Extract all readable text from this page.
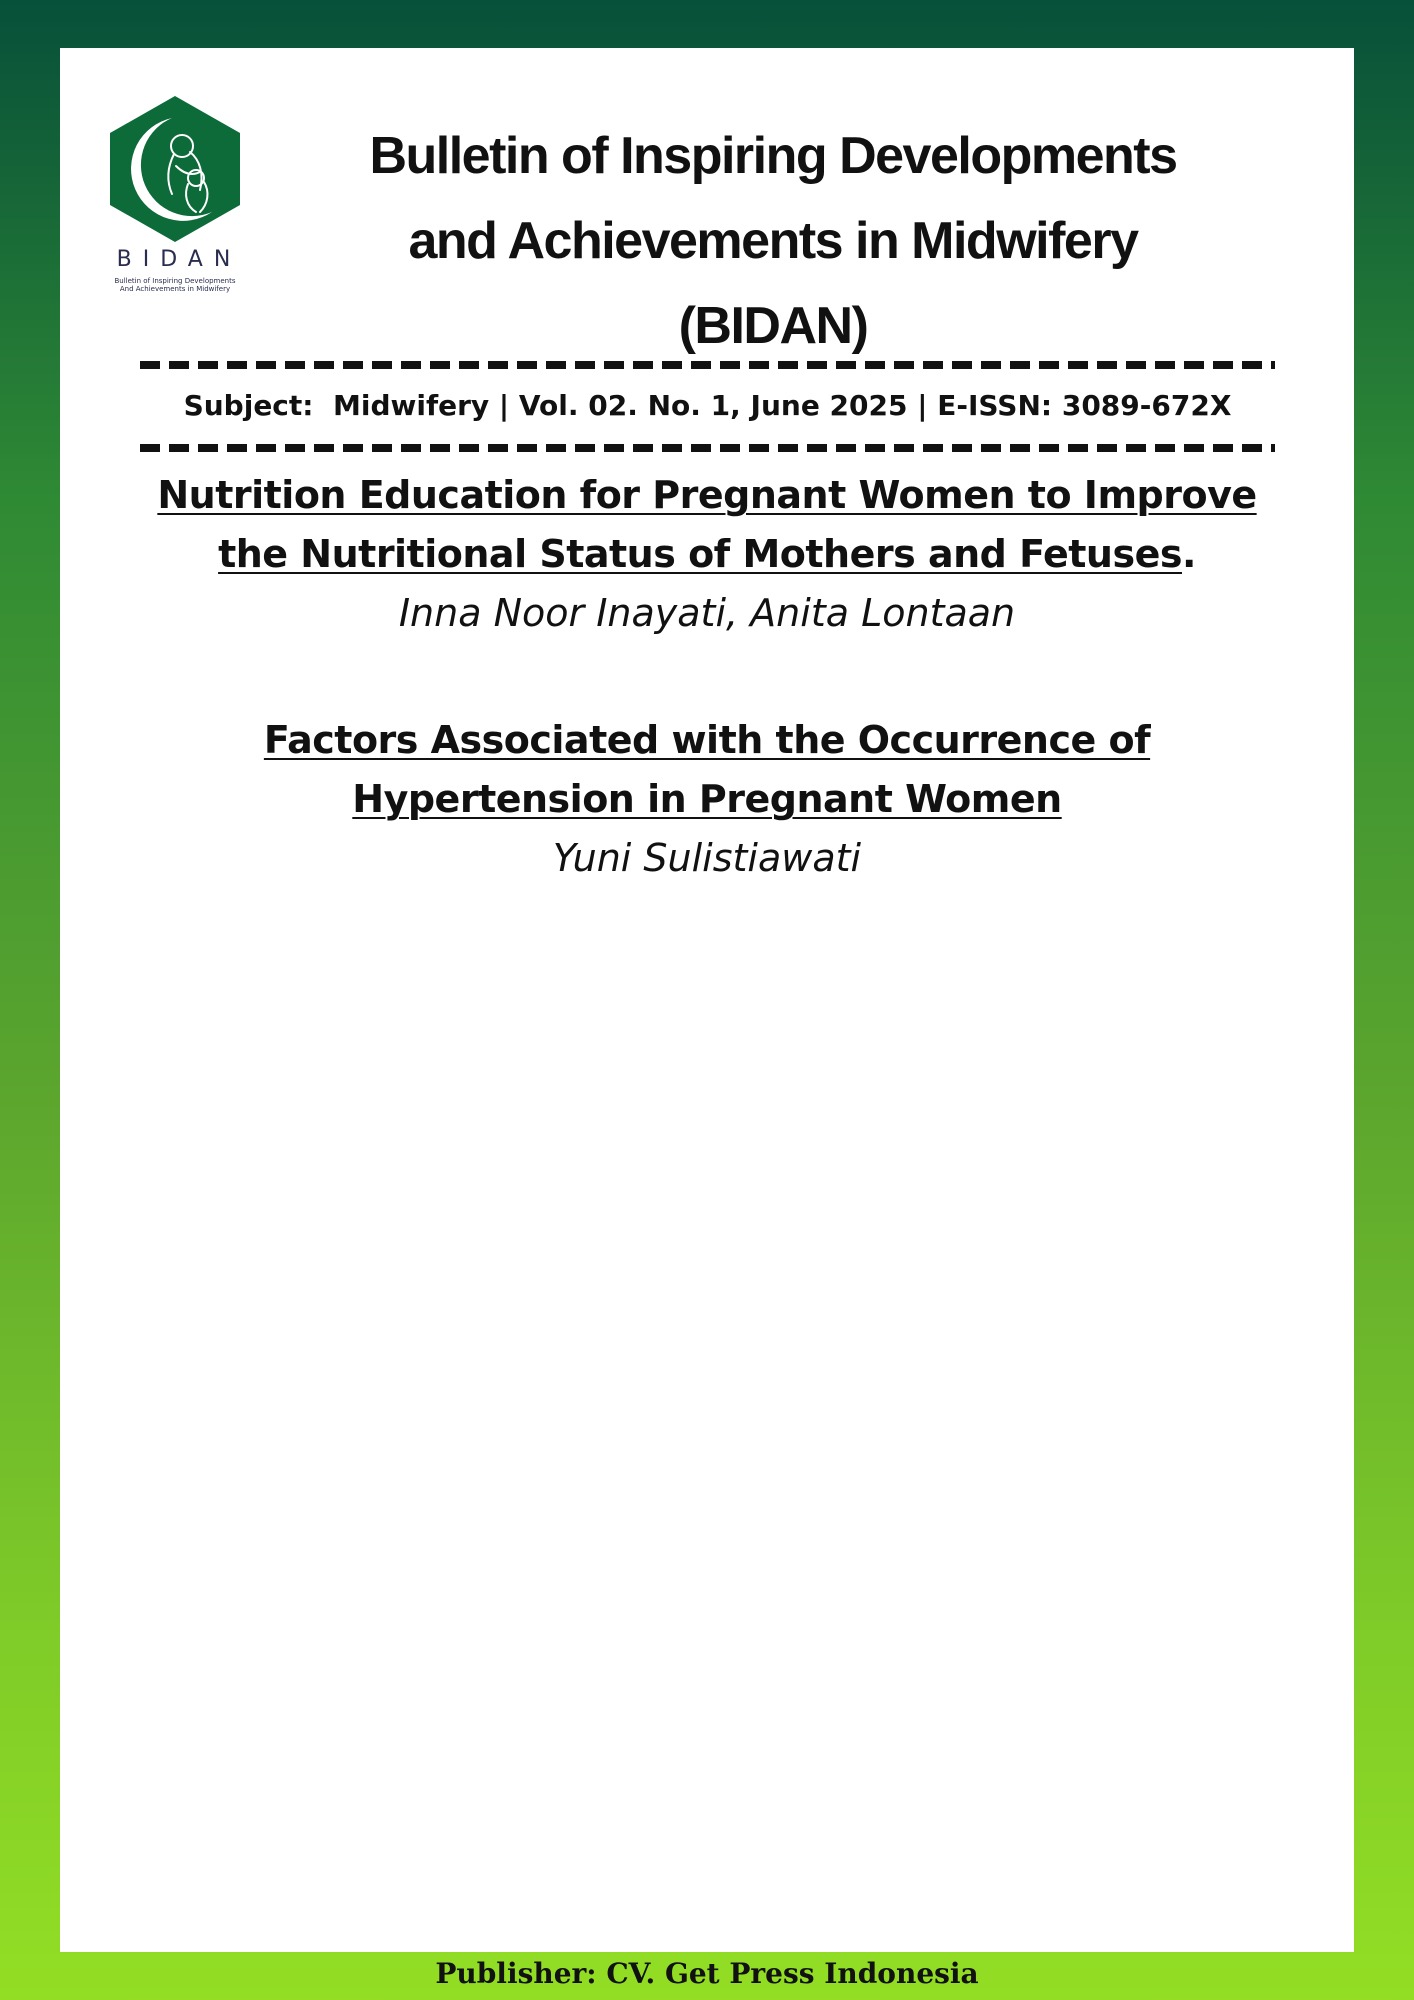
BIDAN
Bulletin of Inspiring Developments
And Achievements in Midwifery
Bulletin of Inspiring Developments
and Achievements in Midwifery
(BIDAN)
Subject:  Midwifery | Vol. 02. No. 1, June 2025 | E-ISSN: 3089-672X

Nutrition Education for Pregnant Women to Improve
the Nutritional Status of Mothers and Fetuses.

Inna Noor Inayati, Anita Lontaan

Factors Associated with the Occurrence of
Hypertension in Pregnant Women

Yuni Sulistiawati

Publisher: CV. Get Press Indonesia
